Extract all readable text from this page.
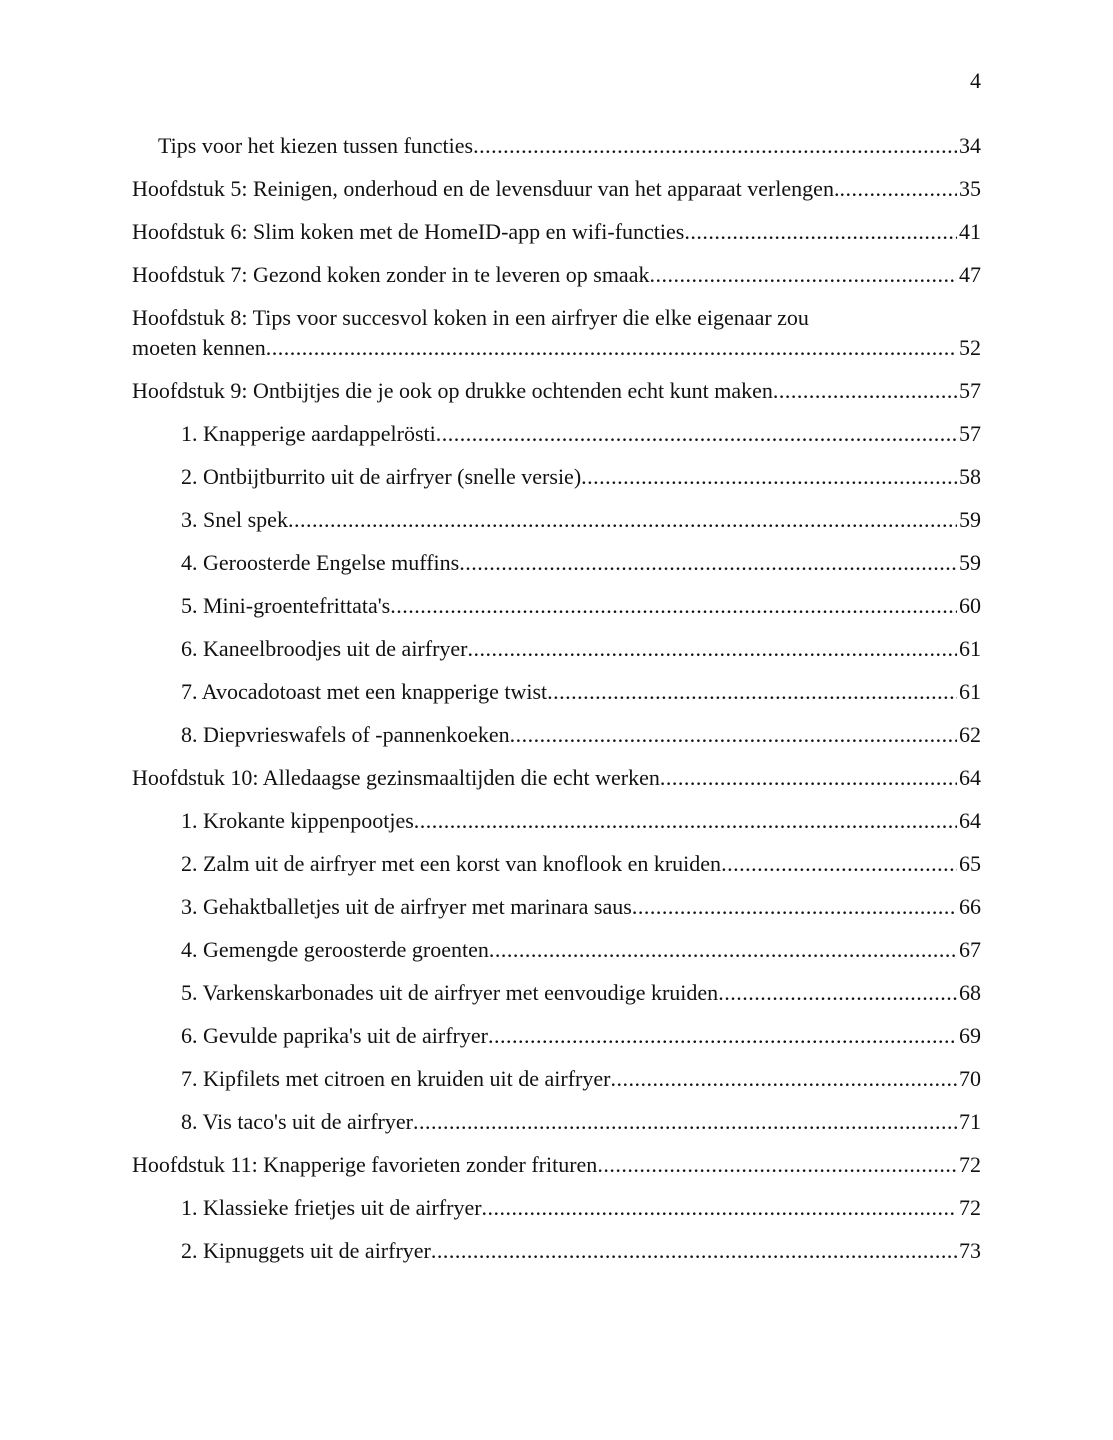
4
Tips voor het kiezen tussen functies .....	34
Hoofdstuk 5: Reinigen, onderhoud en de levensduur van het apparaat verlengen. .....	35
Hoofdstuk 6: Slim koken met de HomeID-app en wifi-functies .....	41
Hoofdstuk 7: Gezond koken zonder in te leveren op smaak .....	47
Hoofdstuk 8: Tips voor succesvol koken in een airfryer die elke eigenaar zou
moeten kennen .....	52
Hoofdstuk 9: Ontbijtjes die je ook op drukke ochtenden echt kunt maken .....	57
1. Knapperige aardappelrösti .....	57
2. Ontbijtburrito uit de airfryer (snelle versie) .....	58
3. Snel spek .....	59
4. Geroosterde Engelse muffins .....	59
5. Mini-groentefrittata's .....	60
6. Kaneelbroodjes uit de airfryer .....	61
7. Avocadotoast met een knapperige twist .....	61
8. Diepvrieswafels of -pannenkoeken .....	62
Hoofdstuk 10: Alledaagse gezinsmaaltijden die echt werken .....	64
1. Krokante kippenpootjes .....	64
2. Zalm uit de airfryer met een korst van knoflook en kruiden .....	65
3. Gehaktballetjes uit de airfryer met marinara saus .....	66
4. Gemengde geroosterde groenten .....	67
5. Varkenskarbonades uit de airfryer met eenvoudige kruiden .....	68
6. Gevulde paprika's uit de airfryer .....	69
7. Kipfilets met citroen en kruiden uit de airfryer .....	70
8. Vis taco's uit de airfryer .....	71
Hoofdstuk 11: Knapperige favorieten zonder frituren .....	72
1. Klassieke frietjes uit de airfryer .....	72
2. Kipnuggets uit de airfryer .....	73
